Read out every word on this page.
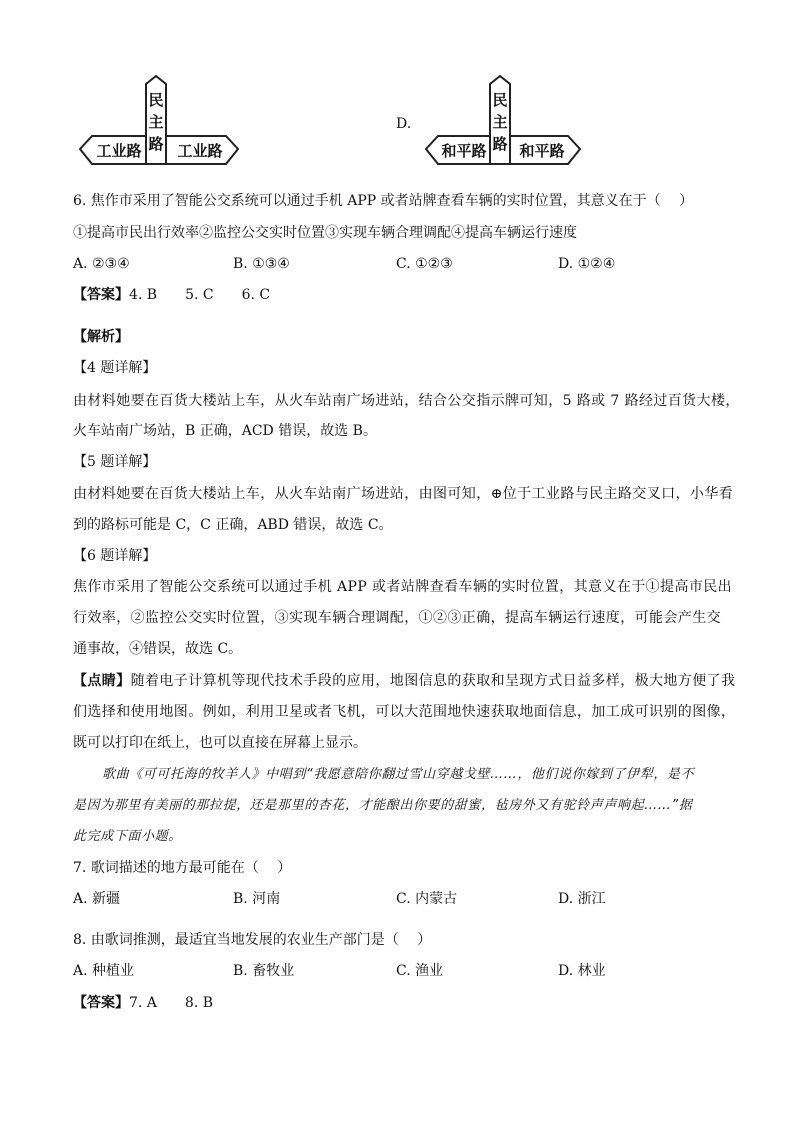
民
主
路
工业路 工业路
D.
民
主
路
和平路 和平路
6. 焦作市采用了智能公交系统可以通过手机 APP 或者站牌查看车辆的实时位置，其意义在于（　 ）
①提高市民出行效率②监控公交实时位置③实现车辆合理调配④提高车辆运行速度
A. ②③④	B. ①③④	C. ①②③	D. ①②④
【答案】4. B　　5. C　　6. C
【解析】
【4 题详解】
由材料她要在百货大楼站上车，从火车站南广场进站，结合公交指示牌可知，5 路或 7 路经过百货大楼，
火车站南广场站，B 正确，ACD 错误，故选 B。
【5 题详解】
由材料她要在百货大楼站上车，从火车站南广场进站，由图可知，⊕位于工业路与民主路交叉口，小华看
到的路标可能是 C，C 正确，ABD 错误，故选 C。
【6 题详解】
焦作市采用了智能公交系统可以通过手机 APP 或者站牌查看车辆的实时位置，其意义在于①提高市民出
行效率，②监控公交实时位置，③实现车辆合理调配，①②③正确，提高车辆运行速度，可能会产生交
通事故，④错误，故选 C。
【点睛】随着电子计算机等现代技术手段的应用，地图信息的获取和呈现方式日益多样，极大地方便了我
们选择和使用地图。例如，利用卫星或者飞机，可以大范围地快速获取地面信息，加工成可识别的图像，
既可以打印在纸上，也可以直接在屏幕上显示。
歌曲《可可托海的牧羊人》中唱到“我愿意陪你翻过雪山穿越戈壁……，他们说你嫁到了伊犁，是不
是因为那里有美丽的那拉提，还是那里的杏花，才能酿出你要的甜蜜，毡房外又有驼铃声声响起……”据
此完成下面小题。
7. 歌词描述的地方最可能在（　 ）
A. 新疆	B. 河南	C. 内蒙古	D. 浙江
8. 由歌词推测，最适宜当地发展的农业生产部门是（　 ）
A. 种植业	B. 畜牧业	C. 渔业	D. 林业
【答案】7. A　　8. B
